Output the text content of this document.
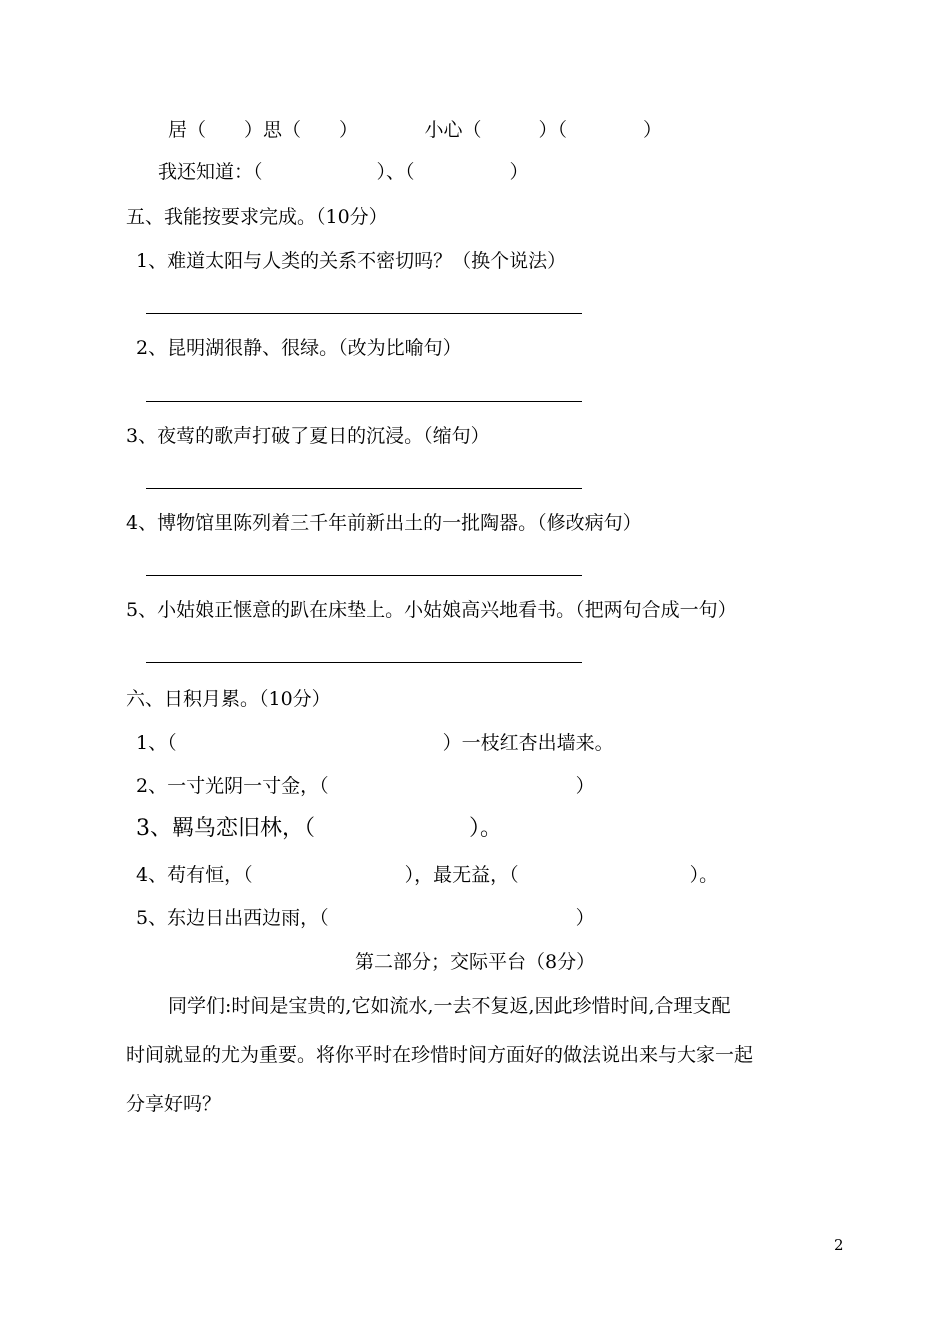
居（　　）思（　　）　　　　小心（　　　）（　　　　）
我还知道：（　　　　　　）、（　　　　　）
五、我能按要求完成。（10分）
1、难道太阳与人类的关系不密切吗？（换个说法）
2、昆明湖很静、很绿。（改为比喻句）
3、夜莺的歌声打破了夏日的沉浸。（缩句）
4、博物馆里陈列着三千年前新出土的一批陶器。（修改病句）
5、小姑娘正惬意的趴在床垫上。小姑娘高兴地看书。（把两句合成一句）
六、日积月累。（10分）
1、（　　　　　　　　　　　　　　）一枝红杏出墙来。
2、一寸光阴一寸金，（　　　　　　　　　　　　　）
3、羁鸟恋旧林，（　　　　　　　）。
4、苟有恒，（　　　　　　　　），最无益，（　　　　　　　　　）。
5、东边日出西边雨，（　　　　　　　　　　　　　）
第二部分；交际平台（8分）
同学们:时间是宝贵的,它如流水,一去不复返,因此珍惜时间,合理支配
时间就显的尤为重要。将你平时在珍惜时间方面好的做法说出来与大家一起
分享好吗？
2
